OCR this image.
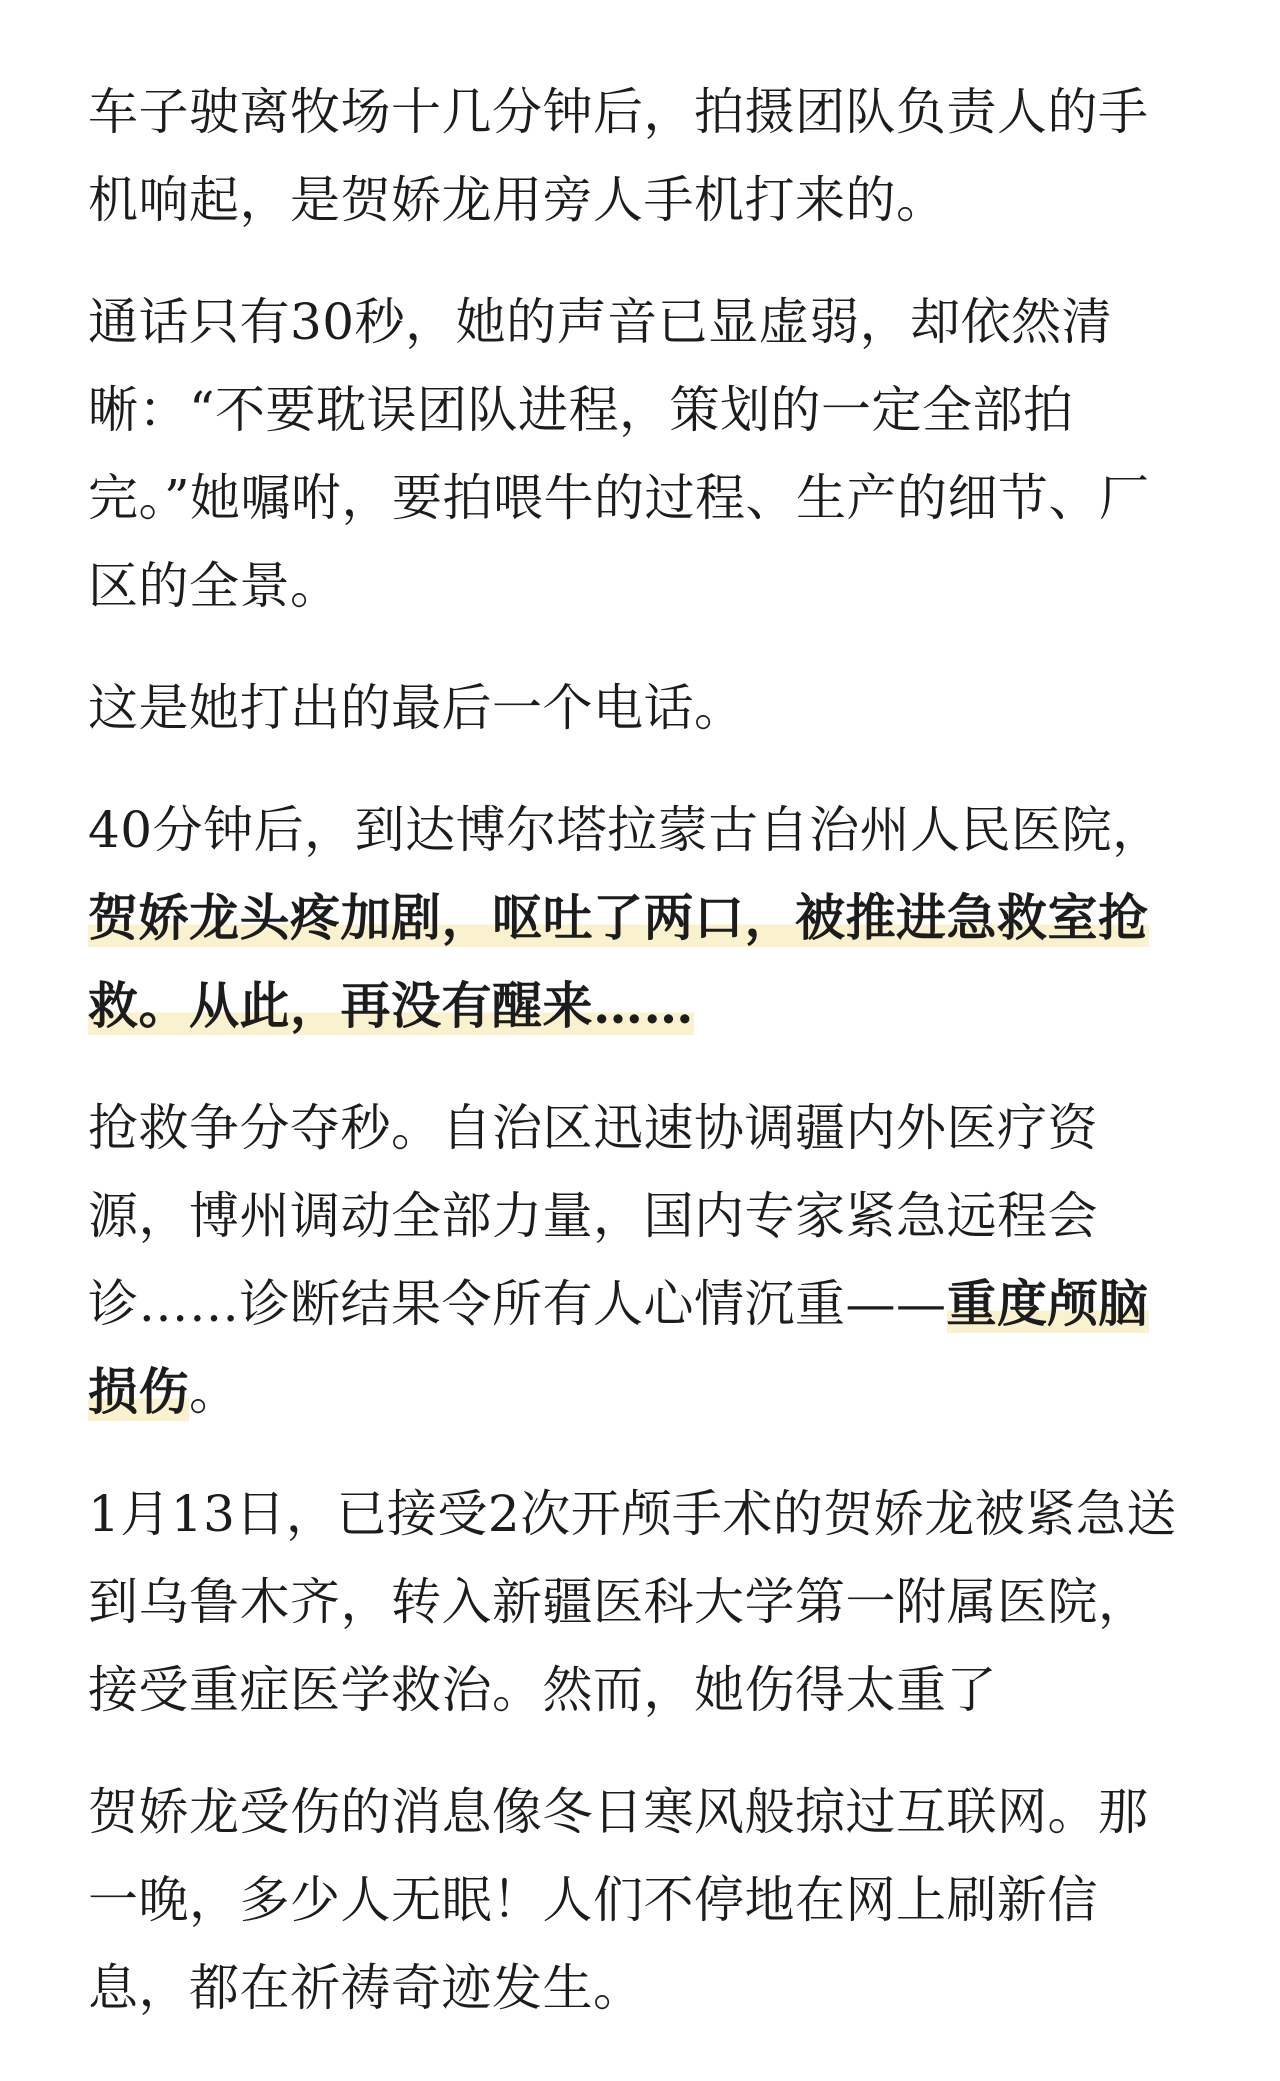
车子驶离牧场十几分钟后，拍摄团队负责人的手机响起，是贺娇龙用旁人手机打来的。

通话只有30秒，她的声音已显虚弱，却依然清晰：“不要耽误团队进程，策划的一定全部拍完。”她嘱咐，要拍喂牛的过程、生产的细节、厂区的全景。

这是她打出的最后一个电话。

40分钟后，到达博尔塔拉蒙古自治州人民医院，贺娇龙头疼加剧，呕吐了两口，被推进急救室抢救。从此，再没有醒来……

抢救争分夺秒。自治区迅速协调疆内外医疗资源，博州调动全部力量，国内专家紧急远程会诊……诊断结果令所有人心情沉重——重度颅脑损伤。

1月13日，已接受2次开颅手术的贺娇龙被紧急送到乌鲁木齐，转入新疆医科大学第一附属医院，接受重症医学救治。然而，她伤得太重了

贺娇龙受伤的消息像冬日寒风般掠过互联网。那一晚，多少人无眠！人们不停地在网上刷新信息，都在祈祷奇迹发生。
